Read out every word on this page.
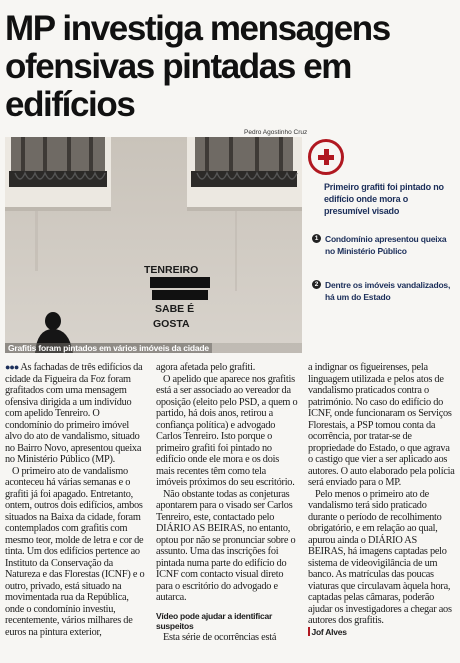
MP investiga mensagens ofensivas pintadas em edifícios
Pedro Agostinho Cruz
TENREIRO
SABE É
GOSTA
Grafitis foram pintados em vários imóveis da cidade
Primeiro grafiti foi pintado no edifício onde mora o presumível visado
1 Condomínio apresentou queixa no Ministério Público
2 Dentre os imóveis vandalizados, há um do Estado

●●● As fachadas de três edifícios da cidade da Figueira da Foz foram grafitados com uma mensagem ofensiva dirigida a um indivíduo com apelido Tenreiro. O condomínio do primeiro imóvel alvo do ato de vandalismo, situado no Bairro Novo, apresentou queixa no Ministério Público (MP).

O primeiro ato de vandalismo aconteceu há várias semanas e o grafiti já foi apagado. Entretanto, ontem, outros dois edifícios, ambos situados na Baixa da cidade, foram contemplados com grafitis com mesmo teor, molde de letra e cor de tinta. Um dos edifícios pertence ao Instituto da Conservação da Natureza e das Florestas (ICNF) e o outro, privado, está situado na movimentada rua da República, onde o condomínio investiu, recentemente, vários milhares de euros na pintura exterior,

agora afetada pelo grafiti.

O apelido que aparece nos grafitis está a ser associado ao vereador da oposição (eleito pelo PSD, a quem o partido, há dois anos, retirou a confiança política) e advogado Carlos Tenreiro. Isto porque o primeiro grafiti foi pintado no edifício onde ele mora e os dois mais recentes têm como tela imóveis próximos do seu escritório.

Não obstante todas as conjeturas apontarem para o visado ser Carlos Tenreiro, este, contactado pelo DIÁRIO AS BEIRAS, no entanto, optou por não se pronunciar sobre o assunto. Uma das inscrições foi pintada numa parte do edifício do ICNF com contacto visual direto para o escritório do advogado e autarca.

Vídeo pode ajudar a identificar suspeitos

Esta série de ocorrências está

a indignar os figueirenses, pela linguagem utilizada e pelos atos de vandalismo praticados contra o património. No caso do edifício do ICNF, onde funcionaram os Serviços Florestais, a PSP tomou conta da ocorrência, por tratar-se de propriedade do Estado, o que agrava o castigo que vier a ser aplicado aos autores. O auto elaborado pela polícia será enviado para o MP.

Pelo menos o primeiro ato de vandalismo terá sido praticado durante o período de recolhimento obrigatório, e em relação ao qual, apurou ainda o DIÁRIO AS BEIRAS, há imagens captadas pelo sistema de videovigilância de um banco. As matrículas das poucas viaturas que circulavam àquela hora, captadas pelas câmaras, poderão ajudar os investigadores a chegar aos autores dos grafitis.

Jof Alves
